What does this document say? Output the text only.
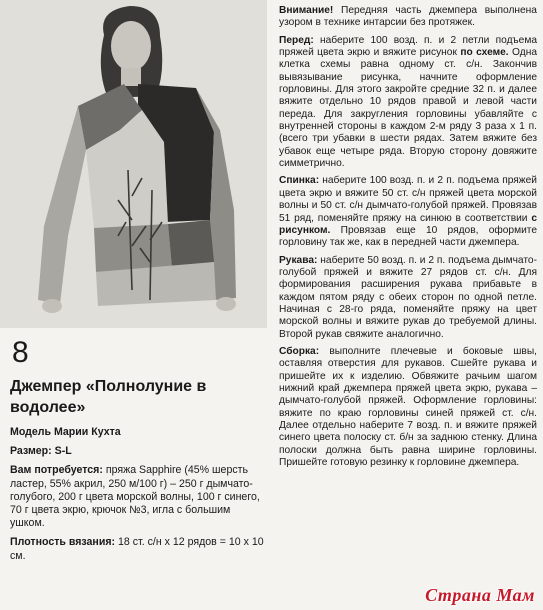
8
Джемпер «Полнолуние в водолее»

Модель Марии Кухта

Размер: S-L

Вам потребуется: пряжа Sapphire (45% шерсть ластер, 55% акрил, 250 м/100 г) – 250 г дымчато-голубого, 200 г цвета морской волны, 100 г синего, 70 г цвета экрю, крючок №3, игла с большим ушком.

Плотность вязания: 18 ст. с/н х 12 рядов = 10 х 10 см.

Внимание! Передняя часть джемпера выполнена узором в технике интарсии без протяжек.

Перед: наберите 100 возд. п. и 2 петли подъема пряжей цвета экрю и вяжите рисунок по схеме. Одна клетка схемы равна одному ст. с/н. Закончив вывязывание рисунка, начните оформление горловины. Для этого закройте средние 32 п. и далее вяжите отдельно 10 рядов правой и левой части переда. Для закругления горловины убавляйте с внутренней стороны в каждом 2-м ряду 3 раза х 1 п. (всего три убавки в шести рядах. Затем вяжите без убавок еще четыре ряда. Вторую сторону довяжите симметрично.

Спинка: наберите 100 возд. п. и 2 п. подъема пряжей цвета экрю и вяжите 50 ст. с/н пряжей цвета морской волны и 50 ст. с/н дымчато-голубой пряжей. Провязав 51 ряд, поменяйте пряжу на синюю в соответствии с рисунком. Провязав еще 10 рядов, оформите горловину так же, как в передней части джемпера.

Рукава: наберите 50 возд. п. и 2 п. подъема дымчато-голубой пряжей и вяжите 27 рядов ст. с/н. Для формирования расширения рукава прибавьте в каждом пятом ряду с обеих сторон по одной петле. Начиная с 28-го ряда, поменяйте пряжу на цвет морской волны и вяжите рукав до требуемой длины. Второй рукав свяжите аналогично.

Сборка: выполните плечевые и боковые швы, оставляя отверстия для рукавов. Сшейте рукава и пришейте их к изделию. Обвяжите рачьим шагом нижний край джемпера пряжей цвета экрю, рукава – дымчато-голубой пряжей. Оформление горловины: вяжите по краю горловины синей пряжей ст. с/н. Далее отдельно наберите 7 возд. п. и вяжите пряжей синего цвета полоску ст. б/н за заднюю стенку. Длина полоски должна быть равна ширине горловины. Пришейте готовую резинку к горловине джемпера.

Страна Мам
